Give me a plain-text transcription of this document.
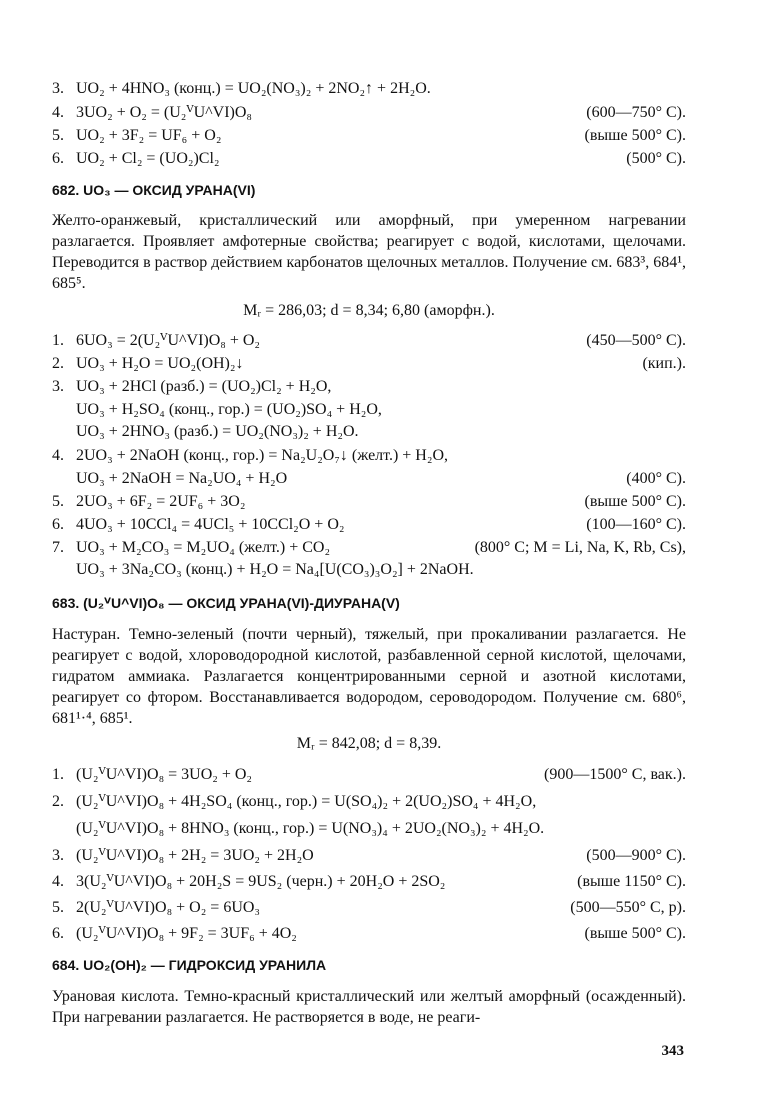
3. UO₂ + 4HNO₃ (конц.) = UO₂(NO₃)₂ + 2NO₂↑ + 2H₂O.
4. 3UO₂ + O₂ = (U₂ⱽU^VI)O₈	(600—750° C).
5. UO₂ + 3F₂ = UF₆ + O₂	(выше 500° C).
6. UO₂ + Cl₂ = (UO₂)Cl₂	(500° C).
682. UO₃ — ОКСИД УРАНА(VI)
Желто-оранжевый, кристаллический или аморфный, при умеренном нагревании разлагается. Проявляет амфотерные свойства; реагирует с водой, кислотами, щелочами. Переводится в раствор действием карбонатов щелочных металлов. Получение см. 683³, 684¹, 685⁵.
Mᵣ = 286,03; d = 8,34; 6,80 (аморфн.).
1. 6UO₃ = 2(U₂ⱽU^VI)O₈ + O₂	(450—500° C).
2. UO₃ + H₂O = UO₂(OH)₂↓	(кип.).
3. UO₃ + 2HCl (разб.) = (UO₂)Cl₂ + H₂O,
UO₃ + H₂SO₄ (конц., гор.) = (UO₂)SO₄ + H₂O,
UO₃ + 2HNO₃ (разб.) = UO₂(NO₃)₂ + H₂O.
4. 2UO₃ + 2NaOH (конц., гор.) = Na₂U₂O₇↓ (желт.) + H₂O,
UO₃ + 2NaOH = Na₂UO₄ + H₂O	(400° C).
5. 2UO₃ + 6F₂ = 2UF₆ + 3O₂	(выше 500° C).
6. 4UO₃ + 10CCl₄ = 4UCl₅ + 10CCl₂O + O₂	(100—160° C).
7. UO₃ + M₂CO₃ = M₂UO₄ (желт.) + CO₂	(800° C; M = Li, Na, K, Rb, Cs),
UO₃ + 3Na₂CO₃ (конц.) + H₂O = Na₄[U(CO₃)₃O₂] + 2NaOH.
683. (U₂ⱽU^VI)O₈ — ОКСИД УРАНА(VI)-ДИУРАНА(V)
Настуран. Темно-зеленый (почти черный), тяжелый, при прокаливании разлагается. Не реагирует с водой, хлороводородной кислотой, разбавленной серной кислотой, щелочами, гидратом аммиака. Разлагается концентрированными серной и азотной кислотами, реагирует со фтором. Восстанавливается водородом, сероводородом. Получение см. 680⁶, 681¹·⁴, 685¹.
Mᵣ = 842,08; d = 8,39.
1. (U₂ⱽU^VI)O₈ = 3UO₂ + O₂	(900—1500° C, вак.).
2. (U₂ⱽU^VI)O₈ + 4H₂SO₄ (конц., гор.) = U(SO₄)₂ + 2(UO₂)SO₄ + 4H₂O,
(U₂ⱽU^VI)O₈ + 8HNO₃ (конц., гор.) = U(NO₃)₄ + 2UO₂(NO₃)₂ + 4H₂O.
3. (U₂ⱽU^VI)O₈ + 2H₂ = 3UO₂ + 2H₂O	(500—900° C).
4. 3(U₂ⱽU^VI)O₈ + 20H₂S = 9US₂ (черн.) + 20H₂O + 2SO₂	(выше 1150° C).
5. 2(U₂ⱽU^VI)O₈ + O₂ = 6UO₃	(500—550° C, p).
6. (U₂ⱽU^VI)O₈ + 9F₂ = 3UF₆ + 4O₂	(выше 500° C).
684. UO₂(OH)₂ — ГИДРОКСИД УРАНИЛА
Урановая кислота. Темно-красный кристаллический или желтый аморфный (осажденный). При нагревании разлагается. Не растворяется в воде, не реаги-
343
